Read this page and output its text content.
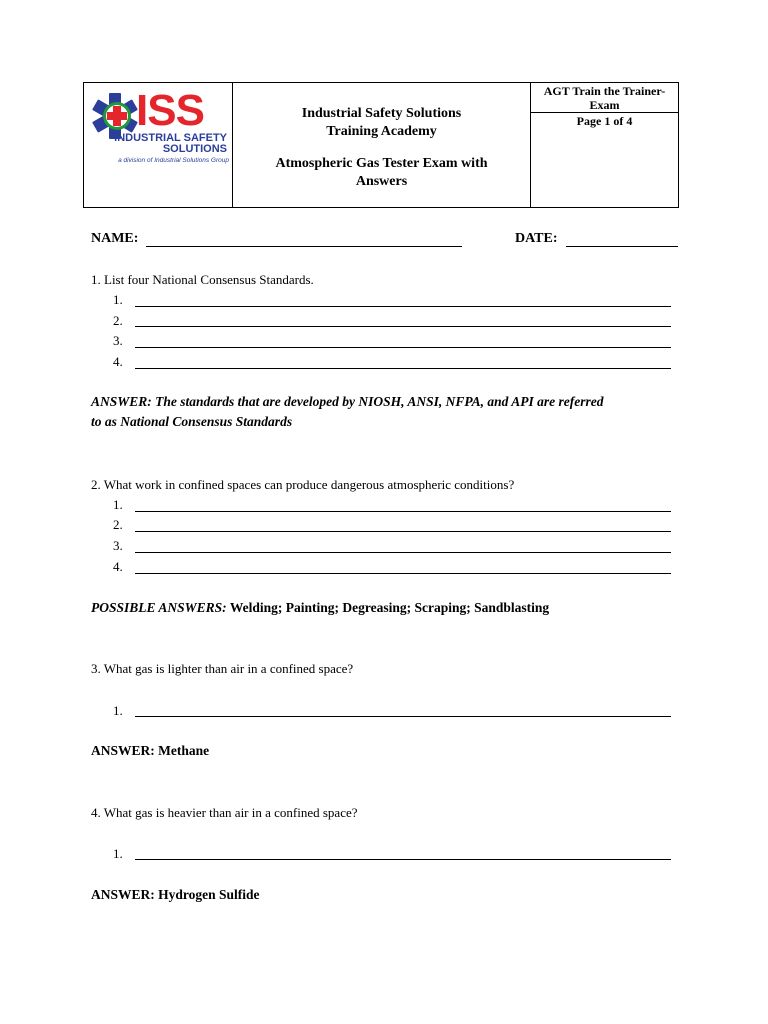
ISS
INDUSTRIAL SAFETY
SOLUTIONS
a division of Industrial Solutions Group
Industrial Safety Solutions
Training Academy
Atmospheric Gas Tester Exam with
Answers
AGT Train the Trainer-
Exam
Page 1 of 4
NAME:	DATE:
1. List four National Consensus Standards.
1.
2.
3.
4.
ANSWER: The standards that are developed by NIOSH, ANSI, NFPA, and API are referred
to as National Consensus Standards
2. What work in confined spaces can produce dangerous atmospheric conditions?
1.
2.
3.
4.
POSSIBLE ANSWERS: Welding; Painting; Degreasing; Scraping; Sandblasting
3. What gas is lighter than air in a confined space?
1.
ANSWER: Methane
4. What gas is heavier than air in a confined space?
1.
ANSWER: Hydrogen Sulfide
